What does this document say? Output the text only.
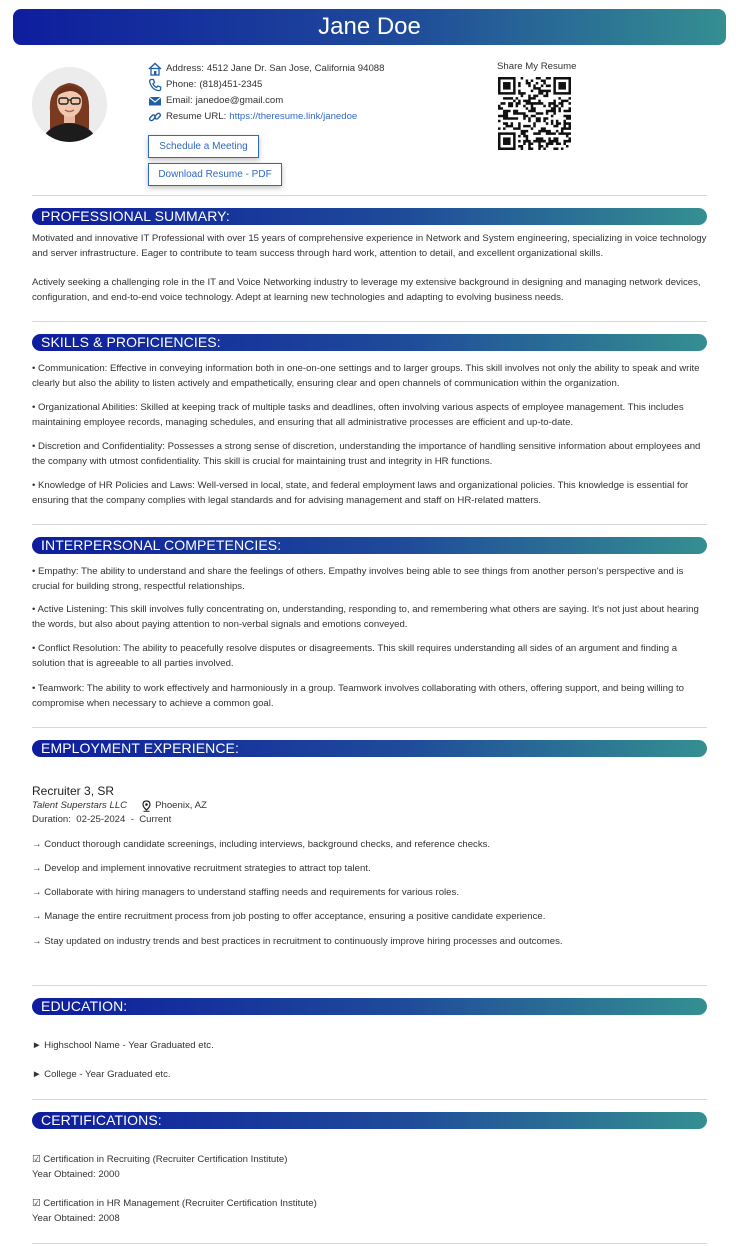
Jane Doe
Address: 4512 Jane Dr. San Jose, California 94088
Phone: (818)451-2345
Email: janedoe@gmail.com
Resume URL: https://theresume.link/janedoe
Schedule a Meeting
Download Resume - PDF
Share My Resume
PROFESSIONAL SUMMARY:
Motivated and innovative IT Professional with over 15 years of comprehensive experience in Network and System engineering, specializing in voice technology and server infrastructure. Eager to contribute to team success through hard work, attention to detail, and excellent organizational skills.
Actively seeking a challenging role in the IT and Voice Networking industry to leverage my extensive background in designing and managing network devices, configuration, and end-to-end voice technology. Adept at learning new technologies and adapting to evolving business needs.
SKILLS & PROFICIENCIES:
• Communication: Effective in conveying information both in one-on-one settings and to larger groups. This skill involves not only the ability to speak and write clearly but also the ability to listen actively and empathetically, ensuring clear and open channels of communication within the organization.
• Organizational Abilities: Skilled at keeping track of multiple tasks and deadlines, often involving various aspects of employee management. This includes maintaining employee records, managing schedules, and ensuring that all administrative processes are efficient and up-to-date.
• Discretion and Confidentiality: Possesses a strong sense of discretion, understanding the importance of handling sensitive information about employees and the company with utmost confidentiality. This skill is crucial for maintaining trust and integrity in HR functions.
• Knowledge of HR Policies and Laws: Well-versed in local, state, and federal employment laws and organizational policies. This knowledge is essential for ensuring that the company complies with legal standards and for advising management and staff on HR-related matters.
INTERPERSONAL COMPETENCIES:
• Empathy: The ability to understand and share the feelings of others. Empathy involves being able to see things from another person's perspective and is crucial for building strong, respectful relationships.
• Active Listening: This skill involves fully concentrating on, understanding, responding to, and remembering what others are saying. It's not just about hearing the words, but also about paying attention to non-verbal signals and emotions conveyed.
• Conflict Resolution: The ability to peacefully resolve disputes or disagreements. This skill requires understanding all sides of an argument and finding a solution that is agreeable to all parties involved.
• Teamwork: The ability to work effectively and harmoniously in a group. Teamwork involves collaborating with others, offering support, and being willing to compromise when necessary to achieve a common goal.
EMPLOYMENT EXPERIENCE:
Recruiter 3, SR
Talent Superstars LLC	Phoenix, AZ
Duration: 02-25-2024 - Current
→ Conduct thorough candidate screenings, including interviews, background checks, and reference checks.
→ Develop and implement innovative recruitment strategies to attract top talent.
→ Collaborate with hiring managers to understand staffing needs and requirements for various roles.
→ Manage the entire recruitment process from job posting to offer acceptance, ensuring a positive candidate experience.
→ Stay updated on industry trends and best practices in recruitment to continuously improve hiring processes and outcomes.
EDUCATION:
► Highschool Name - Year Graduated etc.
► College - Year Graduated etc.
CERTIFICATIONS:
☑ Certification in Recruiting (Recruiter Certification Institute)
Year Obtained: 2000
☑ Certification in HR Management (Recruiter Certification Institute)
Year Obtained: 2008
